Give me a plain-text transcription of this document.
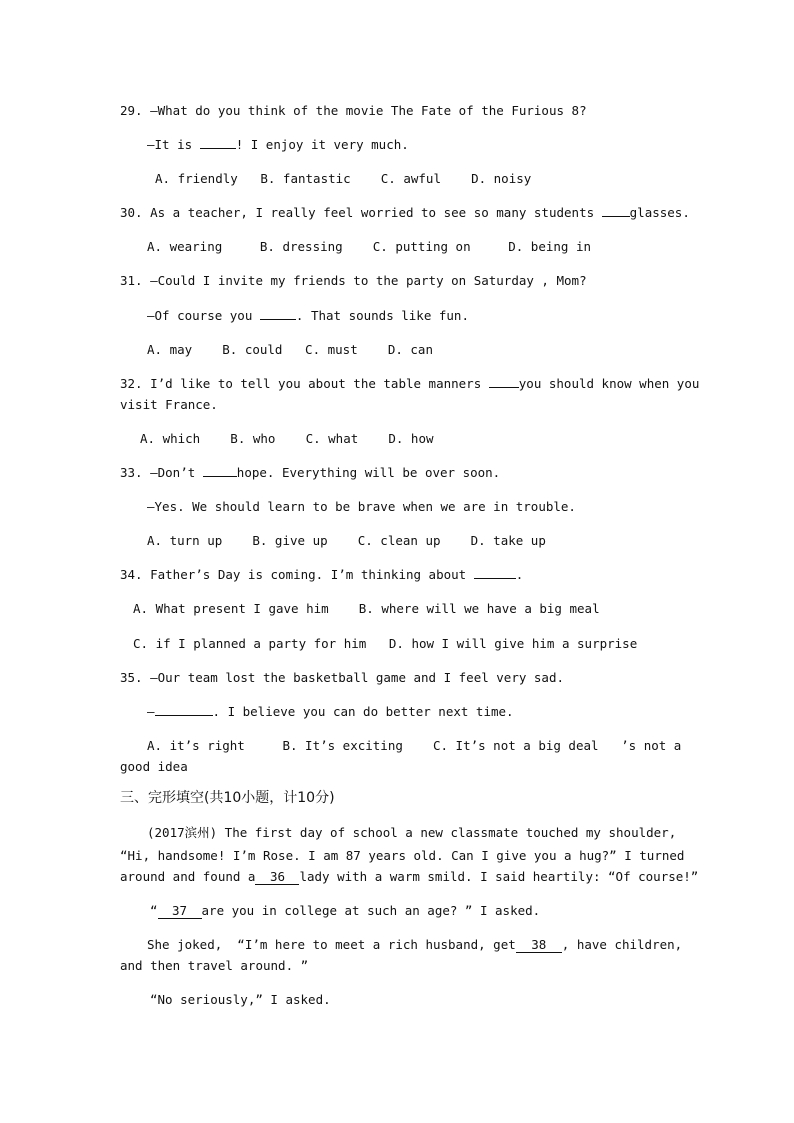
29. —What do you think of the movie The Fate of the Furious 8?
—It is	! I enjoy it very much.
A. friendly   B. fantastic    C. awful    D. noisy
30. As a teacher, I really feel worried to see so many students glasses.
A. wearing     B. dressing    C. putting on     D. being in
31. —Could I invite my friends to the party on Saturday , Mom?
—Of course you	. That sounds like fun.
A. may    B. could   C. must    D. can
32. I’d like to tell you about the table manners you should know when you
visit France.
A. which    B. who    C. what    D. how
33. —Don’t	hope. Everything will be over soon.
—Yes. We should learn to be brave when we are in trouble.
A. turn up    B. give up    C. clean up    D. take up
34. Father’s Day is coming. I’m thinking about	.
A. What present I gave him    B. where will we have a big meal
C. if I planned a party for him   D. how I will give him a surprise
35. —Our team lost the basketball game and I feel very sad.
—	. I believe you can do better next time.
A. it’s right     B. It’s exciting    C. It’s not a big deal   ’s not a
good idea
三、完形填空(共10小题，计10分)
(2017滨州) The first day of school a new classmate touched my shoulder,
“Hi, handsome! I’m Rose. I am 87 years old. Can I give you a hug?” I turned
around and found a 36 lady with a warm smild. I said heartily: “Of course!”
“ 37 are you in college at such an age? ” I asked.
She joked,  “I’m here to meet a rich husband, get 38 , have children,
and then travel around. ”
“No seriously,” I asked.
